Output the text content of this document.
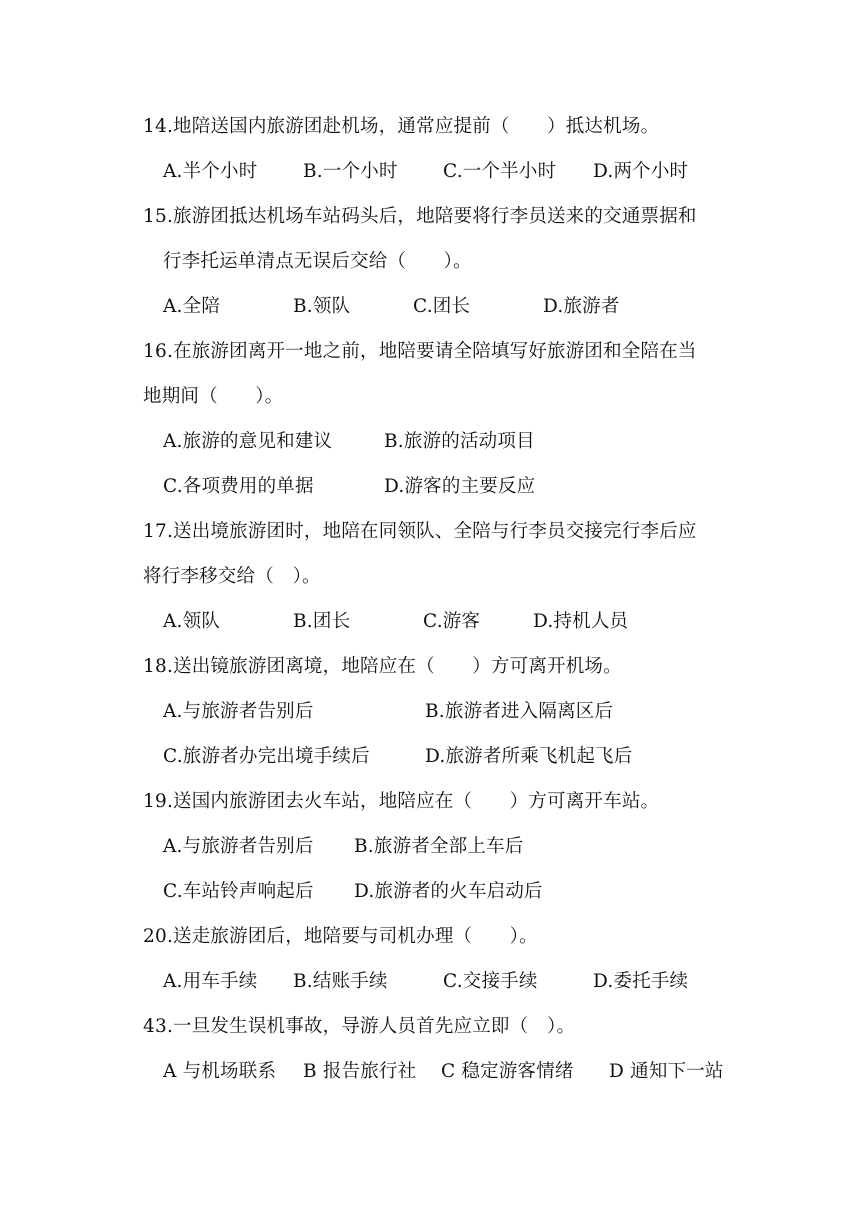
14.地陪送国内旅游团赴机场，通常应提前（　　）抵达机场。
A.半个小时 B.一个小时 C.一个半小时 D.两个小时
15.旅游团抵达机场车站码头后，地陪要将行李员送来的交通票据和
行李托运单清点无误后交给（　　）。
A.全陪	B.领队	C.团长	D.旅游者
16.在旅游团离开一地之前，地陪要请全陪填写好旅游团和全陪在当
地期间（　　）。
A.旅游的意见和建议	B.旅游的活动项目
C.各项费用的单据	D.游客的主要反应
17.送出境旅游团时，地陪在同领队、全陪与行李员交接完行李后应
将行李移交给（　）。
A.领队	B.团长	C.游客	D.持机人员
18.送出镜旅游团离境，地陪应在（　　）方可离开机场。
A.与旅游者告别后	B.旅游者进入隔离区后
C.旅游者办完出境手续后	D.旅游者所乘飞机起飞后
19.送国内旅游团去火车站，地陪应在（　　）方可离开车站。
A.与旅游者告别后 B.旅游者全部上车后
C.车站铃声响起后 D.旅游者的火车启动后
20.送走旅游团后，地陪要与司机办理（　　）。
A.用车手续 B.结账手续	C.交接手续	D.委托手续
43.一旦发生误机事故，导游人员首先应立即（　）。
A 与机场联系 B 报告旅行社 C 稳定游客情绪 D 通知下一站
